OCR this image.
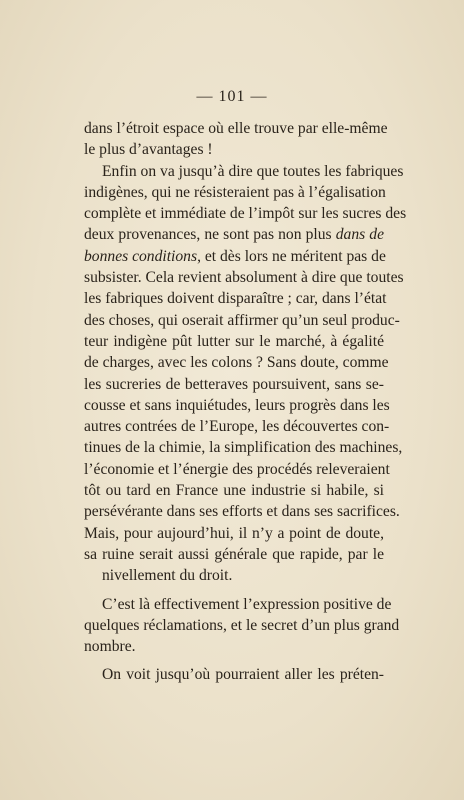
— 101 —
dans l’étroit espace où elle trouve par elle-même
le plus d’avantages !
Enfin on va jusqu’à dire que toutes les fabriques
indigènes, qui ne résisteraient pas à l’égalisation
complète et immédiate de l’impôt sur les sucres des
deux provenances, ne sont pas non plus dans de
bonnes conditions, et dès lors ne méritent pas de
subsister. Cela revient absolument à dire que toutes
les fabriques doivent disparaître ; car, dans l’état
des choses, qui oserait affirmer qu’un seul produc-
teur indigène pût lutter sur le marché, à égalité
de charges, avec les colons ? Sans doute, comme
les sucreries de betteraves poursuivent, sans se-
cousse et sans inquiétudes, leurs progrès dans les
autres contrées de l’Europe, les découvertes con-
tinues de la chimie, la simplification des machines,
l’économie et l’énergie des procédés releveraient
tôt ou tard en France une industrie si habile, si
persévérante dans ses efforts et dans ses sacrifices.
Mais, pour aujourd’hui, il n’y a point de doute,
sa ruine serait aussi générale que rapide, par le
nivellement du droit.
C’est là effectivement l’expression positive de
quelques réclamations, et le secret d’un plus grand
nombre.
On voit jusqu’où pourraient aller les préten-
